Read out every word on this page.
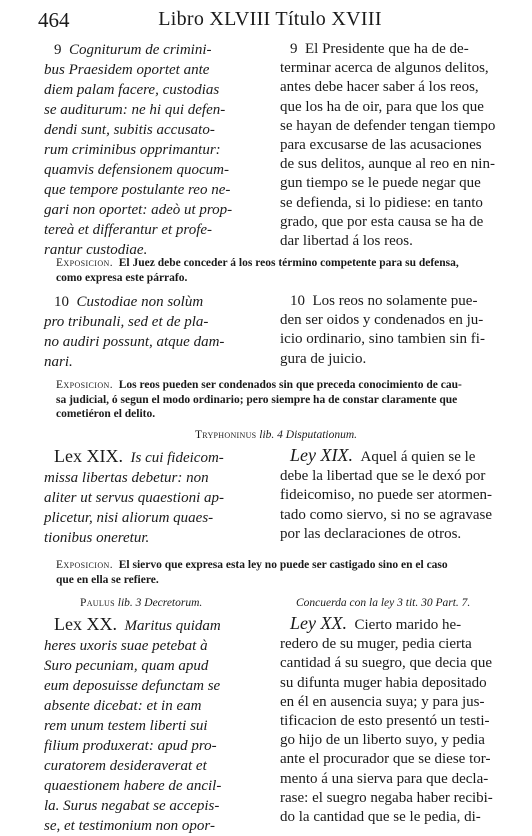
464	Libro XLVIII Título XVIII
9 Cogniturum de crimini-
bus Praesidem oportet ante
diem palam facere, custodias
se auditurum: ne hi qui defen-
dendi sunt, subitis accusato-
rum criminibus opprimantur:
quamvis defensionem quocum-
que tempore postulante reo ne-
gari non oportet: adeò ut prop-
tereà et differantur et profe-
rantur custodiae.
9 El Presidente que ha de de-
terminar acerca de algunos delitos,
antes debe hacer saber á los reos,
que los ha de oir, para que los que
se hayan de defender tengan tiempo
para excusarse de las acusaciones
de sus delitos, aunque al reo en nin-
gun tiempo se le puede negar que
se defienda, si lo pidiese: en tanto
grado, que por esta causa se ha de
dar libertad á los reos.
Exposicion. El Juez debe conceder á los reos término competente para su defensa,
como expresa este párrafo.
10 Custodiae non solùm
pro tribunali, sed et de pla-
no audiri possunt, atque dam-
nari.
10 Los reos no solamente pue-
den ser oidos y condenados en ju-
icio ordinario, sino tambien sin fi-
gura de juicio.
Exposicion. Los reos pueden ser condenados sin que preceda conocimiento de cau-
sa judicial, ó segun el modo ordinario; pero siempre ha de constar claramente que
cometiéron el delito.
Tryphoninus lib. 4 Disputationum.
Lex XIX. Is cui fideicom-
missa libertas debetur: non
aliter ut servus quaestioni ap-
plicetur, nisi aliorum quaes-
tionibus oneretur.
Ley XIX. Aquel á quien se le
debe la libertad que se le dexó por
fideicomiso, no puede ser atormen-
tado como siervo, si no se agravase
por las declaraciones de otros.
Exposicion. El siervo que expresa esta ley no puede ser castigado sino en el caso
que en ella se refiere.
Paulus lib. 3 Decretorum.	Concuerda con la ley 3 tit. 30 Part. 7.
Lex XX. Maritus quidam
heres uxoris suae petebat à
Suro pecuniam, quam apud
eum deposuisse defunctam se
absente dicebat: et in eam
rem unum testem liberti sui
filium produxerat: apud pro-
curatorem desideraverat et
quaestionem habere de ancil-
la. Surus negabat se accepis-
se, et testimonium non opor-
Ley XX. Cierto marido he-
redero de su muger, pedia cierta
cantidad á su suegro, que decia que
su difunta muger habia depositado
en él en ausencia suya; y para jus-
tificacion de esto presentó un testi-
go hijo de un liberto suyo, y pedia
ante el procurador que se diese tor-
mento á una sierva para que decla-
rase: el suegro negaba haber recibi-
do la cantidad que se le pedia, di-
